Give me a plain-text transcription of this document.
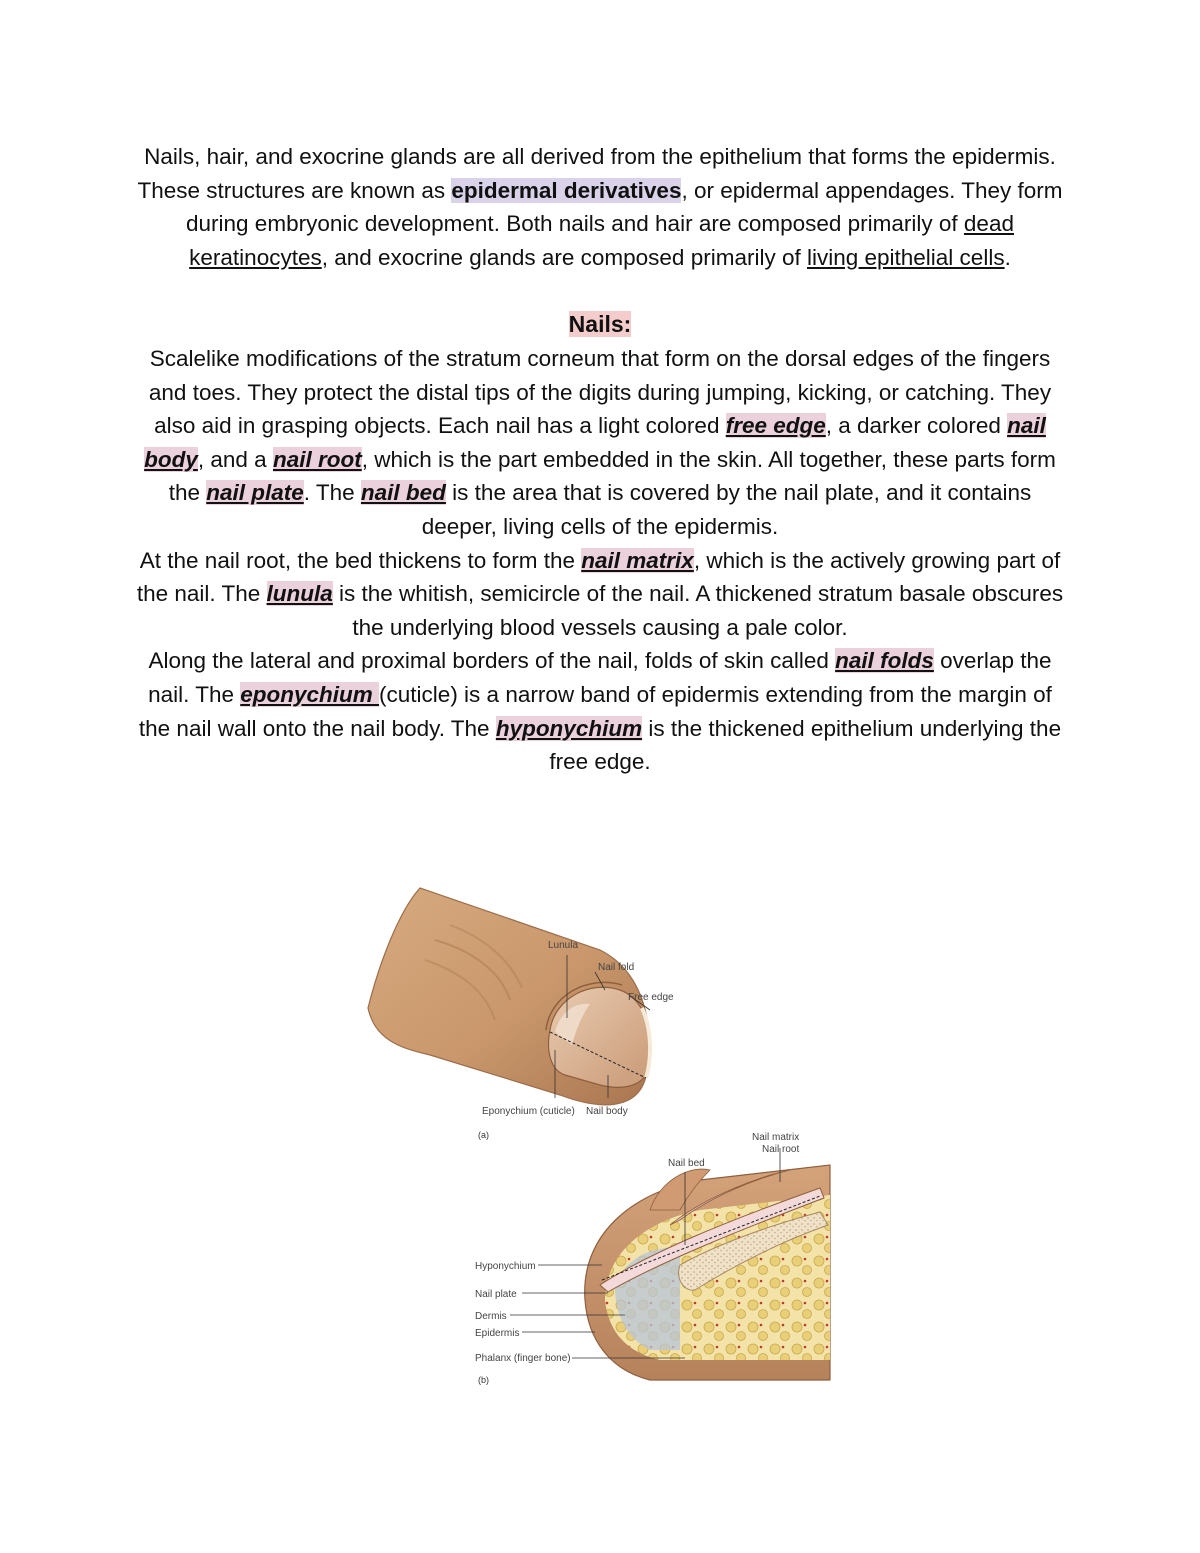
Nails, hair, and exocrine glands are all derived from the epithelium that forms the epidermis. These structures are known as epidermal derivatives, or epidermal appendages. They form during embryonic development. Both nails and hair are composed primarily of dead keratinocytes, and exocrine glands are composed primarily of living epithelial cells.

Nails:

Scalelike modifications of the stratum corneum that form on the dorsal edges of the fingers and toes. They protect the distal tips of the digits during jumping, kicking, or catching. They also aid in grasping objects. Each nail has a light colored free edge, a darker colored nail body, and a nail root, which is the part embedded in the skin. All together, these parts form the nail plate. The nail bed is the area that is covered by the nail plate, and it contains deeper, living cells of the epidermis.

At the nail root, the bed thickens to form the nail matrix, which is the actively growing part of the nail. The lunula is the whitish, semicircle of the nail. A thickened stratum basale obscures the underlying blood vessels causing a pale color.

Along the lateral and proximal borders of the nail, folds of skin called nail folds overlap the nail. The eponychium (cuticle) is a narrow band of epidermis extending from the margin of the nail wall onto the nail body. The hyponychium is the thickened epithelium underlying the free edge.

Lunula
Nail fold
Free edge
Eponychium (cuticle) Nail body
(a)	Nail matrix
Nail root
Nail bed
Hyponychium
Nail plate
Dermis
Epidermis
Phalanx (finger bone)
(b)
